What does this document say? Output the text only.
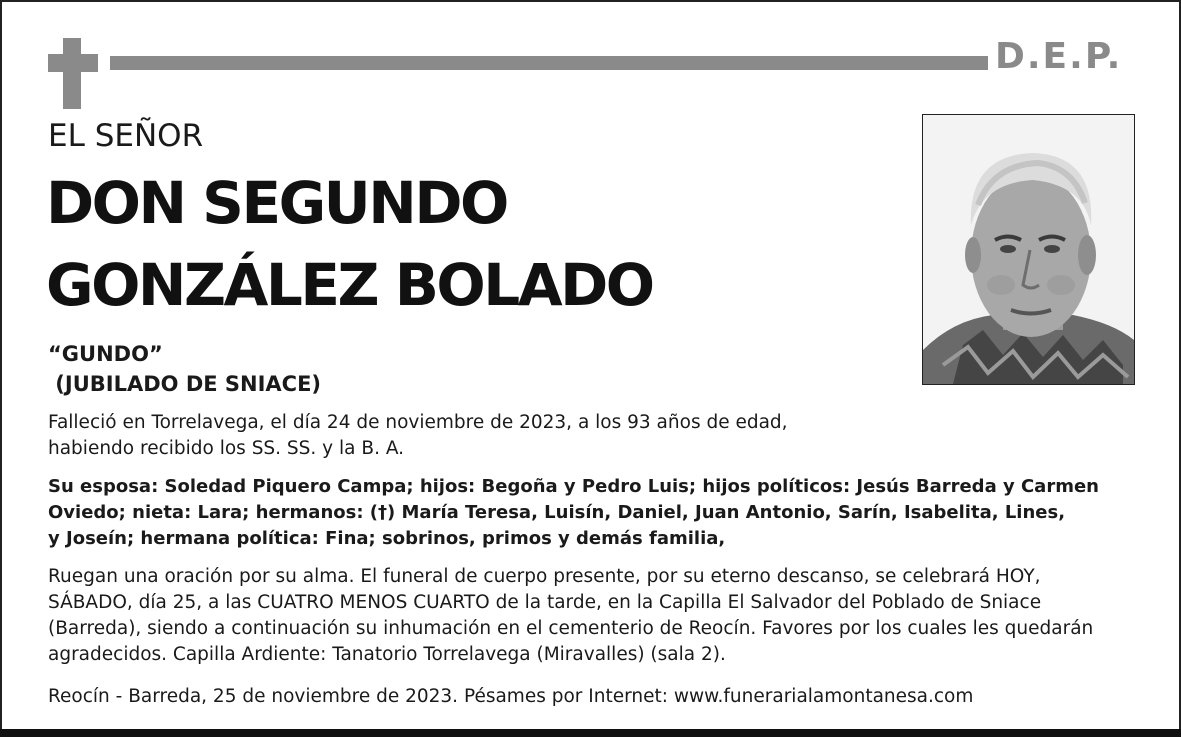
D.E.P.
EL SEÑOR
DON SEGUNDO
GONZÁLEZ BOLADO
“GUNDO”
(JUBILADO DE SNIACE)
Falleció en Torrelavega, el día 24 de noviembre de 2023, a los 93 años de edad,
habiendo recibido los SS. SS. y la B. A.
Su esposa: Soledad Piquero Campa; hijos: Begoña y Pedro Luis; hijos políticos: Jesús Barreda y Carmen
Oviedo; nieta: Lara; hermanos: (†) María Teresa, Luisín, Daniel, Juan Antonio, Sarín, Isabelita, Lines,
y Joseín; hermana política: Fina; sobrinos, primos y demás familia,
Ruegan una oración por su alma. El funeral de cuerpo presente, por su eterno descanso, se celebrará HOY,
SÁBADO, día 25, a las CUATRO MENOS CUARTO de la tarde, en la Capilla El Salvador del Poblado de Sniace
(Barreda), siendo a continuación su inhumación en el cementerio de Reocín. Favores por los cuales les quedarán
agradecidos. Capilla Ardiente: Tanatorio Torrelavega (Miravalles) (sala 2).
Reocín - Barreda, 25 de noviembre de 2023. Pésames por Internet: www.funerarialamontanesa.com
